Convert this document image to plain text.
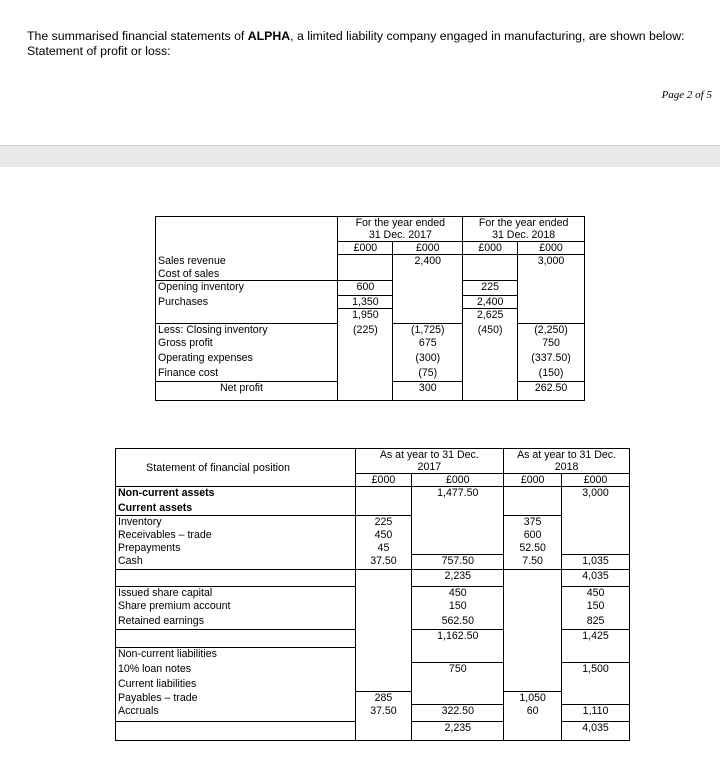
The summarised financial statements of ALPHA, a limited liability company engaged in manufacturing, are shown below:
Statement of profit or loss:
Page 2 of 5
	For the year ended
31 Dec. 2017		For the year ended
31 Dec. 2018	
	£000	£000	£000	£000
Sales revenue		2,400		3,000
Cost of sales				
Opening inventory	600		225	
Purchases	1,350		2,400	
	1,950		2,625	
Less: Closing inventory	(225)	(1,725)	(450)	(2,250)
Gross profit		675		750
Operating expenses		(300)		(337.50)
Finance cost		(75)		(150)
Net profit		300		262.50
Statement of financial position	As at year to 31 Dec.
2017		As at year to 31 Dec.
2018	
	£000	£000	£000	£000
Non-current assets		1,477.50		3,000
Current assets				
Inventory	225		375	
Receivables – trade	450		600	
Prepayments	45		52.50	
Cash	37.50	757.50	7.50	1,035
		2,235		4,035
Issued share capital		450		450
Share premium account		150		150
Retained earnings		562.50		825
		1,162.50		1,425
Non-current liabilities				
10% loan notes		750		1,500
Current liabilities				
Payables – trade	285		1,050	
Accruals	37.50	322.50	60	1,110
		2,235		4,035
